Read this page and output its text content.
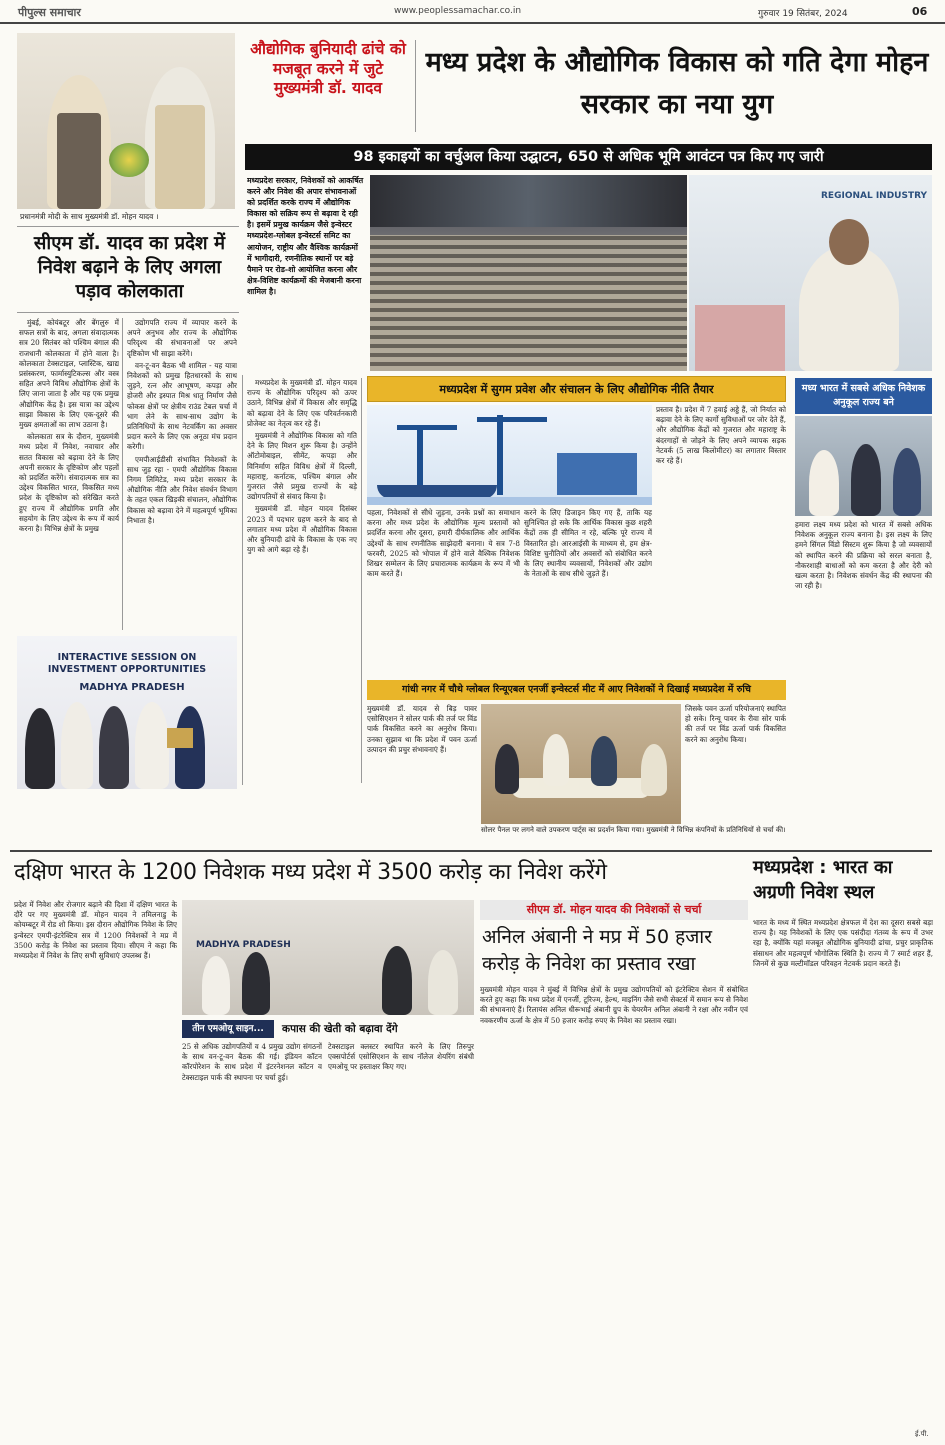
पीपुल्स समाचार	www.peoplessamachar.co.in	गुरुवार 19 सितंबर, 2024	06
प्रधानमंत्री मोदी के साथ मुख्यमंत्री डॉ. मोहन यादव ।
सीएम डॉ. यादव का प्रदेश में निवेश बढ़ाने के लिए अगला पड़ाव कोलकाता
औद्योगिक बुनियादी ढांचे को मजबूत करने में जुटे मुख्यमंत्री डॉ. यादव
मध्य प्रदेश के औद्योगिक विकास को गति देगा मोहन सरकार का नया युग
98 इकाइयों का वर्चुअल किया उद्घाटन, 650 से अधिक भूमि आवंटन पत्र किए गए जारी
मध्यप्रदेश सरकार, निवेशकों को आकर्षित करने और निवेश की अपार संभावनाओं को प्रदर्शित करके राज्य में औद्योगिक विकास को सक्रिय रूप से बढ़ावा दे रही है। इसमें प्रमुख कार्यक्रम जैसे इन्वेस्टर मध्यप्रदेश-ग्लोबल इन्वेस्टर्स समिट का आयोजन, राष्ट्रीय और वैश्विक कार्यक्रमों में भागीदारी, रणनीतिक स्थानों पर बड़े पैमाने पर रोड-शो आयोजित करना और क्षेत्र-विशिष्ट कार्यक्रमों की मेजबानी करना शामिल है।
REGIONAL INDUSTRY

मुंबई, कोयंबटूर और बेंगलुरु में सफल सत्रों के बाद, अगला संवादात्मक सत्र 20 सितंबर को पश्चिम बंगाल की राजधानी कोलकाता में होने वाला है। कोलकाता टेक्सटाइल, प्लास्टिक, खाद्य प्रसंस्करण, फार्मास्युटिकल्स और वस्त्र सहित अपने विविध औद्योगिक क्षेत्रों के लिए जाना जाता है और यह एक प्रमुख औद्योगिक केंद्र है। इस यात्रा का उद्देश्य साझा विकास के लिए एक-दूसरे की मुख्य क्षमताओं का लाभ उठाना है।

कोलकाता सत्र के दौरान, मुख्यमंत्री मध्य प्रदेश में निवेश, नवाचार और सतत विकास को बढ़ावा देने के लिए अपनी सरकार के दृष्टिकोण और पहलों को प्रदर्शित करेंगे। संवादात्मक सत्र का उद्देश्य विकसित भारत, विकसित मध्य प्रदेश के दृष्टिकोण को संरेखित करते हुए राज्य में औद्योगिक प्रगति और सहयोग के लिए उद्देश्य के रूप में कार्य करना है। विभिन्न क्षेत्रों के प्रमुख

उद्योगपति राज्य में व्यापार करने के अपने अनुभव और राज्य के औद्योगिक परिदृश्य की संभावनाओं पर अपने दृष्टिकोण भी साझा करेंगे।

वन-टू-वन बैठक भी शामिल - यह यात्रा निवेशकों को प्रमुख हितधारकों के साथ जुड़ने, रत्न और आभूषण, कपड़ा और होजरी और इस्पात मिश्र धातु निर्माण जैसे फोकस क्षेत्रों पर क्षेत्रीय राउंड टेबल चर्चा में भाग लेने के साथ-साथ उद्योग के प्रतिनिधियों के साथ नेटवर्किंग का अवसर प्रदान करने के लिए एक अनूठा मंच प्रदान करेगी।

एमपीआईडीसी संभावित निवेशकों के साथ जुड़ रहा - एमपी औद्योगिक विकास निगम लिमिटेड, मध्य प्रदेश सरकार के औद्योगिक नीति और निवेश संवर्धन विभाग के तहत एकल खिड़की संचालन, औद्योगिक विकास को बढ़ावा देने में महत्वपूर्ण भूमिका निभाता है।

INTERACTIVE SESSION ON INVESTMENT OPPORTUNITIES
MADHYA PRADESH

मध्यप्रदेश के मुख्यमंत्री डॉ. मोहन यादव राज्य के औद्योगिक परिदृश्य को ऊपर उठाने, विभिन्न क्षेत्रों में विकास और समृद्धि को बढ़ावा देने के लिए एक परिवर्तनकारी प्रोजेक्ट का नेतृत्व कर रहे हैं।

मुख्यमंत्री ने औद्योगिक विकास को गति देने के लिए मिशन शुरू किया है। उन्होंने ऑटोमोबाइल, सीमेंट, कपड़ा और विनिर्माण सहित विविध क्षेत्रों में दिल्ली, महाराष्ट्र, कर्नाटक, पश्चिम बंगाल और गुजरात जैसे प्रमुख राज्यों के बड़े उद्योगपतियों से संवाद किया है।

मुख्यमंत्री डॉ. मोहन यादव दिसंबर 2023 में पदभार ग्रहण करने के बाद से लगातार मध्य प्रदेश में औद्योगिक विकास और बुनियादी ढांचे के विकास के एक नए युग को आगे बढ़ा रहे हैं।

मध्यप्रदेश में सुगम प्रवेश और संचालन के लिए औद्योगिक नीति तैयार
पहला, निवेशकों से सीधे जुड़ना, उनके प्रश्नों का समाधान करना और मध्य प्रदेश के औद्योगिक मूल्य प्रस्तावों को प्रदर्शित करना और दूसरा, हमारी दीर्घकालिक और आर्थिक उद्देश्यों के साथ रणनीतिक साझेदारी बनाना। ये सत्र 7-8 फरवरी, 2025 को भोपाल में होने वाले वैश्विक निवेशक शिखर सम्मेलन के लिए प्रचारात्मक कार्यक्रम के रूप में भी काम करते हैं।
करने के लिए डिजाइन किए गए हैं, ताकि यह सुनिश्चित हो सके कि आर्थिक विकास कुछ शहरी केंद्रों तक ही सीमित न रहे, बल्कि पूरे राज्य में विस्तारित हो। आरआईसी के माध्यम से, हम क्षेत्र-विशिष्ट चुनौतियों और अवसरों को संबोधित करने के लिए स्थानीय व्यवसायों, निवेशकों और उद्योग के नेताओं के साथ सीधे जुड़ते हैं।
प्रस्ताव है। प्रदेश में 7 हवाई अड्डे हैं, जो निर्यात को बढ़ावा देने के लिए कार्गो सुविधाओं पर जोर देते हैं, और औद्योगिक केंद्रों को गुजरात और महाराष्ट्र के बंदरगाहों से जोड़ने के लिए अपने व्यापक सड़क नेटवर्क (5 लाख किलोमीटर) का लगातार विस्तार कर रहे हैं।
मध्य भारत में सबसे अधिक निवेशक अनुकूल राज्य बने
हमारा लक्ष्य मध्य प्रदेश को भारत में सबसे अधिक निवेशक अनुकूल राज्य बनाना है। इस लक्ष्य के लिए हमने सिंगल विंडो सिस्टम शुरू किया है जो व्यवसायों को स्थापित करने की प्रक्रिया को सरल बनाता है, नौकरशाही बाधाओं को कम करता है और देरी को खत्म करता है। निवेशक संवर्धन केंद्र की स्थापना की जा रही है।
गांधी नगर में चौथे ग्लोबल रिन्यूएबल एनर्जी इन्वेस्टर्स मीट में आए निवेशकों ने दिखाई मध्यप्रदेश में रुचि
मुख्यमंत्री डॉ. यादव से बिड़ पावर एसोसिएशन ने सोलर पार्क की तर्ज पर विंड पार्क विकसित करने का अनुरोध किया। उनका सुझाव था कि प्रदेश में पवन ऊर्जा उत्पादन की प्रचुर संभावनाएं हैं।
जिसके पवन ऊर्जा परियोजनाएं स्थापित हो सके। रिन्यू पावर के रीवा सोर पार्क की तर्ज पर विंड ऊर्जा पार्क विकसित करने का अनुरोध किया।
सोलर पैनल पर लगने वाले उपकरण पार्ट्स का प्रदर्शन किया गया। मुख्यमंत्री ने विभिन्न कंपनियों के प्रतिनिधियों से चर्चा की।
दक्षिण भारत के 1200 निवेशक मध्य प्रदेश में 3500 करोड़ का निवेश करेंगे	मध्यप्रदेश : भारत का अग्रणी निवेश स्थल
भारत के मध्य में स्थित मध्यप्रदेश क्षेत्रफल में देश का दूसरा सबसे बड़ा राज्य है। यह निवेशकों के लिए एक पसंदीदा गंतव्य के रूप में उभर रहा है, क्योंकि यहां मजबूत औद्योगिक बुनियादी ढांचा, प्रचुर प्राकृतिक संसाधन और महत्वपूर्ण भौगोलिक स्थिति है। राज्य में 7 स्मार्ट शहर हैं, जिनमें से कुछ मल्टीमॉडल परिवहन नेटवर्क प्रदान करते हैं।
प्रदेश में निवेश और रोजगार बढ़ाने की दिशा में दक्षिण भारत के दौरे पर गए मुख्यमंत्री डॉ. मोहन यादव ने तमिलनाडु के कोयम्बटूर में रोड शो किया। इस दौरान औद्योगिक निवेश के लिए इन्वेस्टर एमपी-इंटरेक्टिव सत्र में 1200 निवेशकों ने मप्र में 3500 करोड़ के निवेश का प्रस्ताव दिया। सीएम ने कहा कि मध्यप्रदेश में निवेश के लिए सभी सुविधाएं उपलब्ध हैं।
MADHYA PRADESH
तीन एमओयू साइन...	कपास की खेती को बढ़ावा देंगे
25 से अधिक उद्योगपतियों व 4 प्रमुख उद्योग संगठनों के साथ वन-टू-वन बैठक की गई। इंडियन कॉटन कॉरपोरेशन के साथ प्रदेश में इंटरनेशनल कॉटन व टेक्सटाइल पार्क की स्थापना पर चर्चा हुई।
टेक्सटाइल क्लस्टर स्थापित करने के लिए तिरुपुर एक्सपोर्टर्स एसोसिएशन के साथ नॉलेज शेयरिंग संबंधी एमओयू पर हस्ताक्षर किए गए।
सीएम डॉ. मोहन यादव की निवेशकों से चर्चा
अनिल अंबानी ने मप्र में 50 हजार करोड़ के निवेश का प्रस्ताव रखा
मुख्यमंत्री मोहन यादव ने मुंबई में विभिन्न क्षेत्रों के प्रमुख उद्योगपतियों को इंटरेक्टिव सेशन में संबोधित करते हुए कहा कि मध्य प्रदेश में एनर्जी, टूरिज्म, हेल्थ, माइनिंग जैसे सभी सेक्टर्स में समान रूप से निवेश की संभावनाएं हैं। रिलायंस अनिल धीरूभाई अंबानी ग्रुप के चेयरमैन अनिल अंबानी ने रक्षा और नवीन एवं नवकरणीय ऊर्जा के क्षेत्र में 50 हजार करोड़ रुपए के निवेश का प्रस्ताव रखा।
ई.पी.
